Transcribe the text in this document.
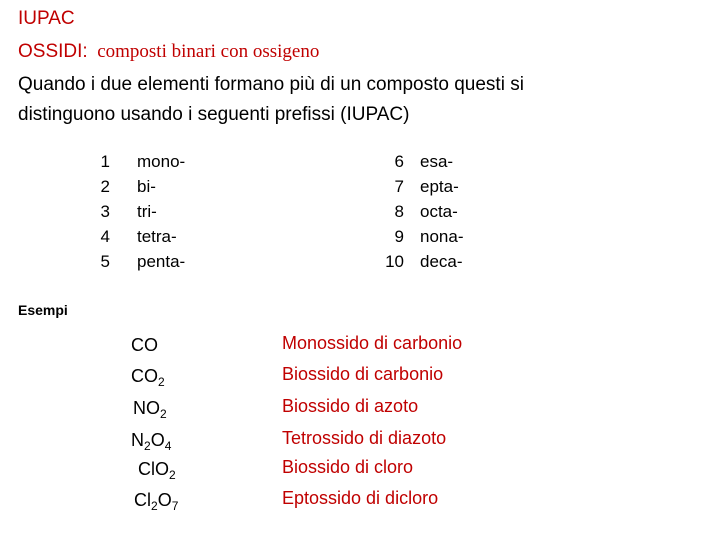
IUPAC
OSSIDI:  composti binari con ossigeno
Quando i due elementi formano più di un composto questi si
distinguono usando i seguenti prefissi (IUPAC)
1 mono-
2 bi-
3 tri-
4 tetra-
5 penta-
6 esa-
7 epta-
8 octa-
9 nona-
10 deca-
Esempi
CO	Monossido di carbonio
$CO_2$	Biossido di carbonio
$NO_2$	Biossido di azoto
$N_2O_4$	Tetrossido di diazoto
ClO$_2$	Biossido di cloro
$Cl_2O_7$	Eptossido di dicloro
